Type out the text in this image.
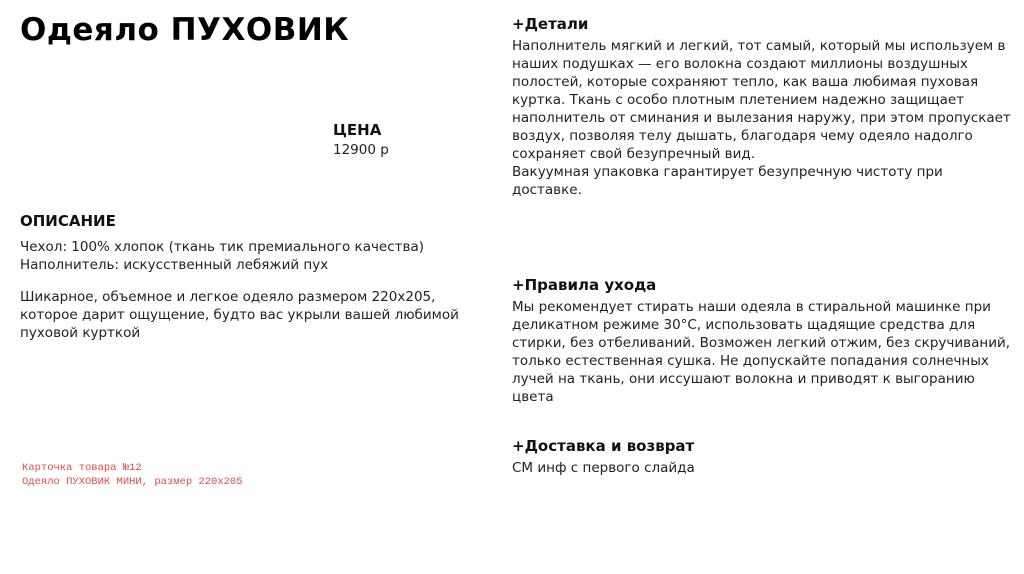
Одеяло ПУХОВИК
ЦЕНА
12900 р
ОПИСАНИЕ
Чехол: 100% хлопок (ткань тик премиального качества)
Наполнитель: искусственный лебяжий пух
Шикарное, объемное и легкое одеяло размером 220х205, которое дарит ощущение, будто вас укрыли вашей любимой пуховой курткой
Карточка товара №12
Одеяло ПУХОВИК МИНИ, размер 220х205
+Детали

Наполнитель мягкий и легкий, тот самый, который мы используем в наших подушках — его волокна создают миллионы воздушных полостей, которые сохраняют тепло, как ваша любимая пуховая куртка. Ткань с особо плотным плетением надежно защищает наполнитель от сминания и вылезания наружу, при этом пропускает воздух, позволяя телу дышать, благодаря чему одеяло надолго сохраняет свой безупречный вид.

Вакуумная упаковка гарантирует безупречную чистоту при доставке.

+Правила ухода

Мы рекомендует стирать наши одеяла в стиральной машинке при деликатном режиме 30°С, использовать щадящие средства для стирки, без отбеливаний. Возможен легкий отжим, без скручиваний, только естественная сушка. Не допускайте попадания солнечных лучей на ткань, они иссушают волокна и приводят к выгоранию цвета

+Доставка и возврат

СМ инф с первого слайда
